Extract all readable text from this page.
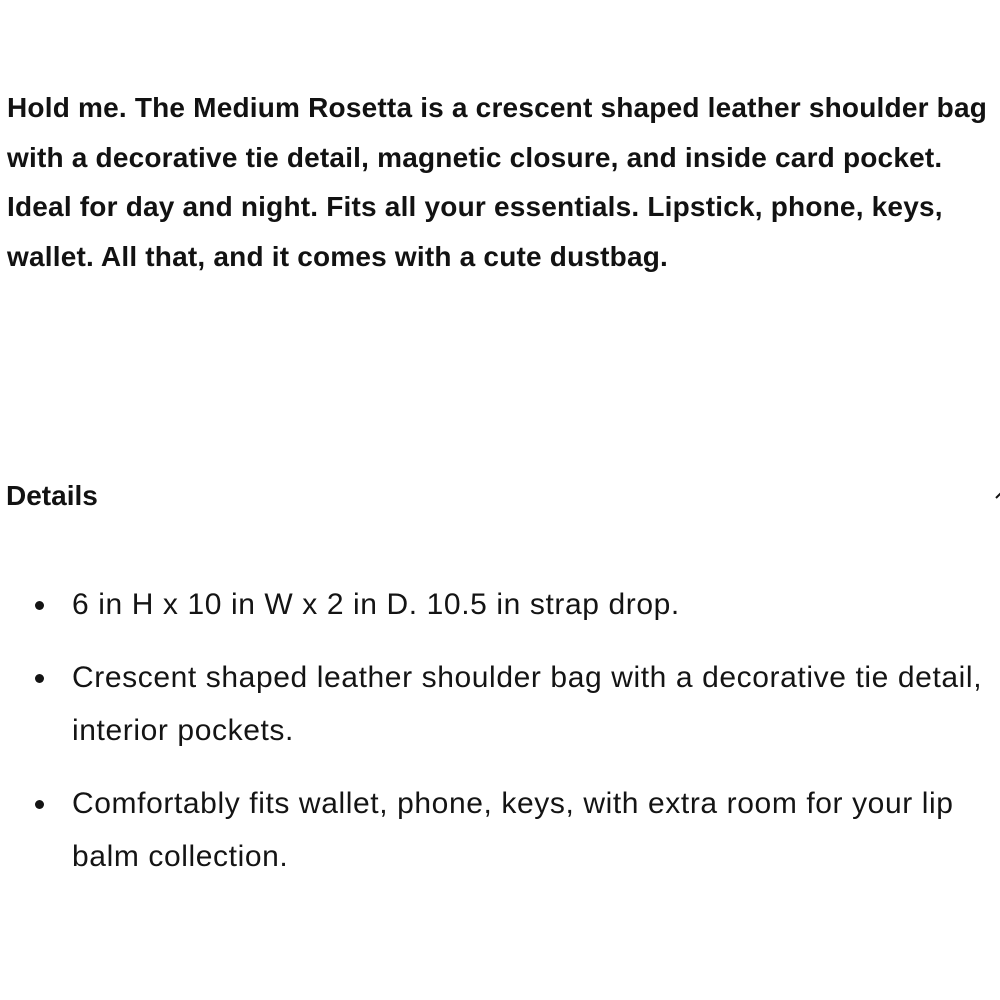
Hold me. The Medium Rosetta is a crescent shaped leather shoulder bag with a decorative tie detail, magnetic closure, and inside card pocket. Ideal for day and night. Fits all your essentials. Lipstick, phone, keys, wallet. All that, and it comes with a cute dustbag.

Details
6 in H x 10 in W x 2 in D. 10.5 in strap drop.
Crescent shaped leather shoulder bag with a decorative tie detail, interior pockets.
Comfortably fits wallet, phone, keys, with extra room for your lip balm collection.
